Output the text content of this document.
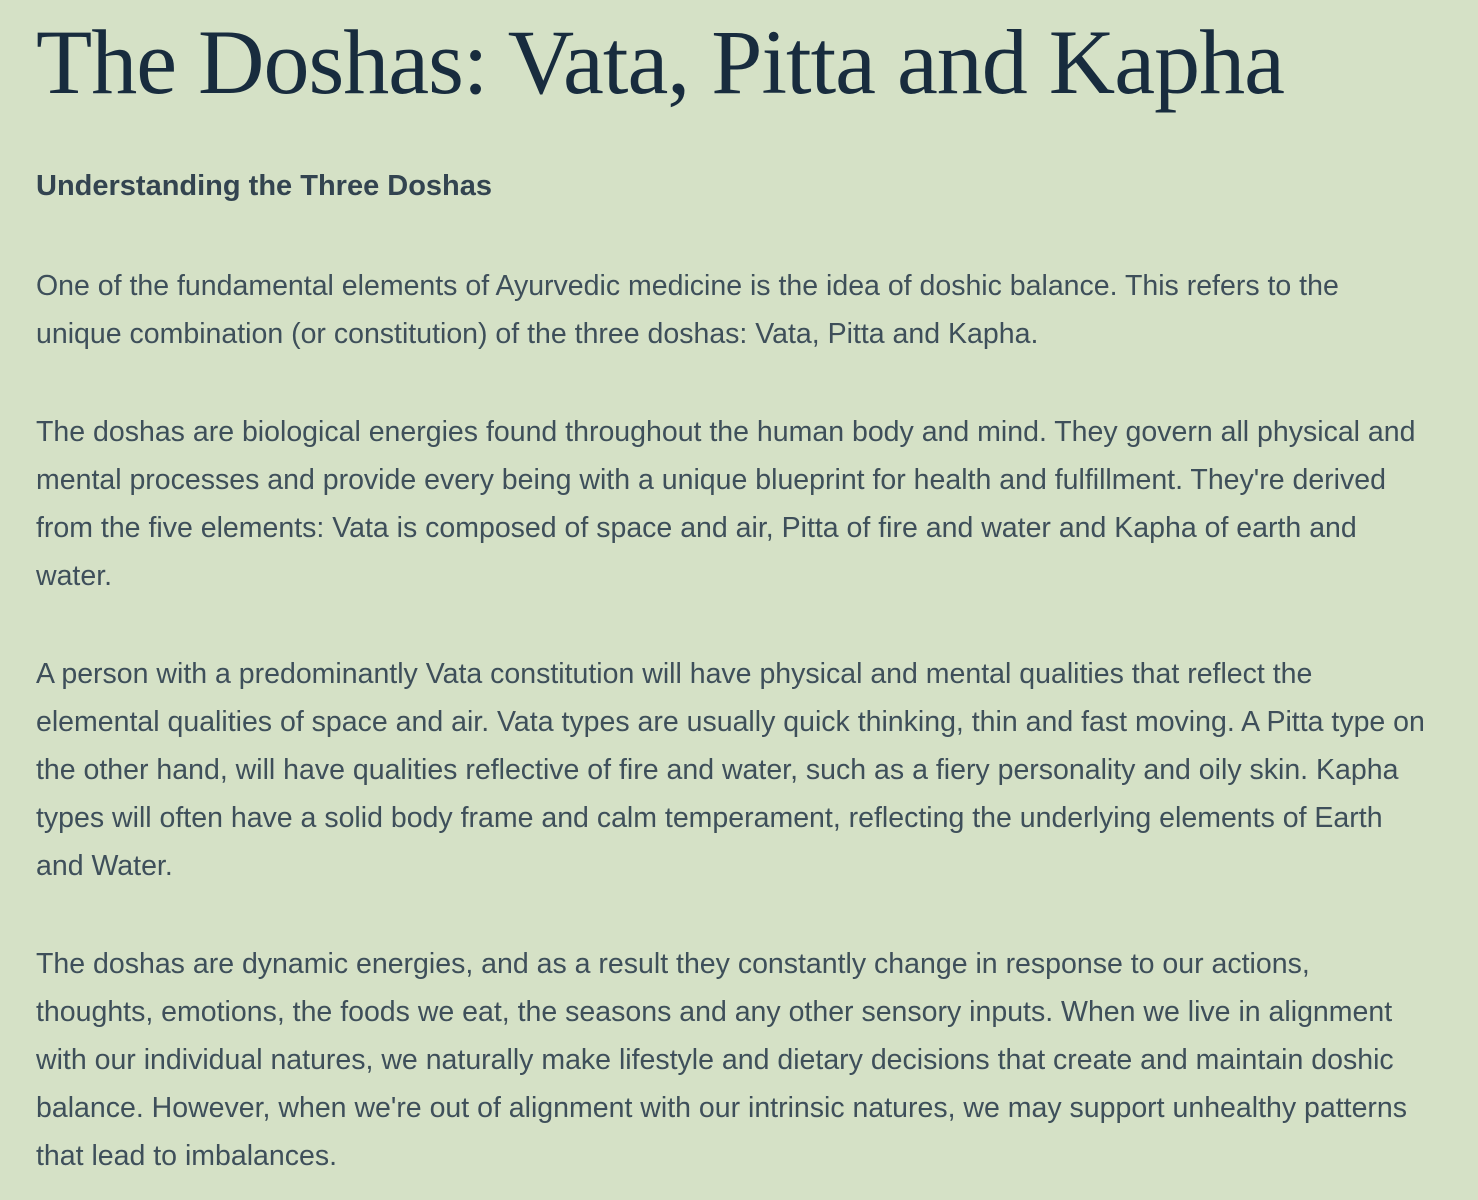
The Doshas: Vata, Pitta and Kapha
Understanding the Three Doshas

One of the fundamental elements of Ayurvedic medicine is the idea of doshic balance. This refers to the unique combination (or constitution) of the three doshas: Vata, Pitta and Kapha.

The doshas are biological energies found throughout the human body and mind. They govern all physical and mental processes and provide every being with a unique blueprint for health and fulfillment. They're derived from the five elements: Vata is composed of space and air, Pitta of fire and water and Kapha of earth and water.

A person with a predominantly Vata constitution will have physical and mental qualities that reflect the elemental qualities of space and air. Vata types are usually quick thinking, thin and fast moving. A Pitta type on the other hand, will have qualities reflective of fire and water, such as a fiery personality and oily skin. Kapha types will often have a solid body frame and calm temperament, reflecting the underlying elements of Earth and Water.

The doshas are dynamic energies, and as a result they constantly change in response to our actions, thoughts, emotions, the foods we eat, the seasons and any other sensory inputs. When we live in alignment with our individual natures, we naturally make lifestyle and dietary decisions that create and maintain doshic balance. However, when we're out of alignment with our intrinsic natures, we may support unhealthy patterns that lead to imbalances.
